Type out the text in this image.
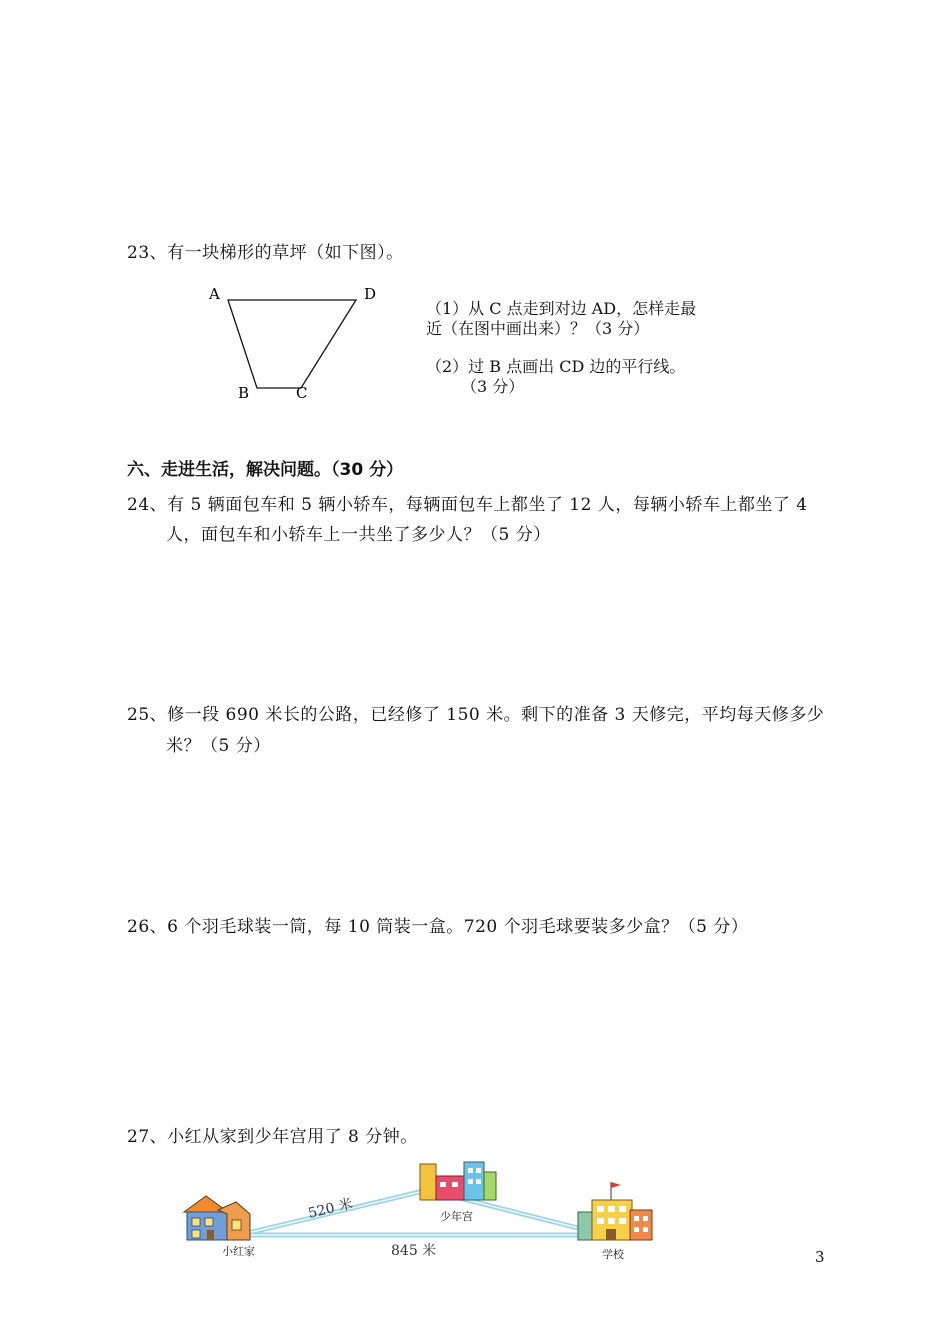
23、有一块梯形的草坪（如下图）。
A	D
B	C
（1）从 C 点走到对边 AD，怎样走最
近（在图中画出来）？（3 分）
（2）过 B 点画出 CD 边的平行线。
（3 分）
六、走进生活，解决问题。（30 分）
24、有 5 辆面包车和 5 辆小轿车，每辆面包车上都坐了 12 人，每辆小轿车上都坐了 4
人，面包车和小轿车上一共坐了多少人？（5 分）
25、修一段 690 米长的公路，已经修了 150 米。剩下的准备 3 天修完，平均每天修多少
米？（5 分）
26、6 个羽毛球装一筒，每 10 筒装一盒。720 个羽毛球要装多少盒？（5 分）
27、小红从家到少年宫用了 8 分钟。
520 米
845 米
小红家
少年宫
学校	3
